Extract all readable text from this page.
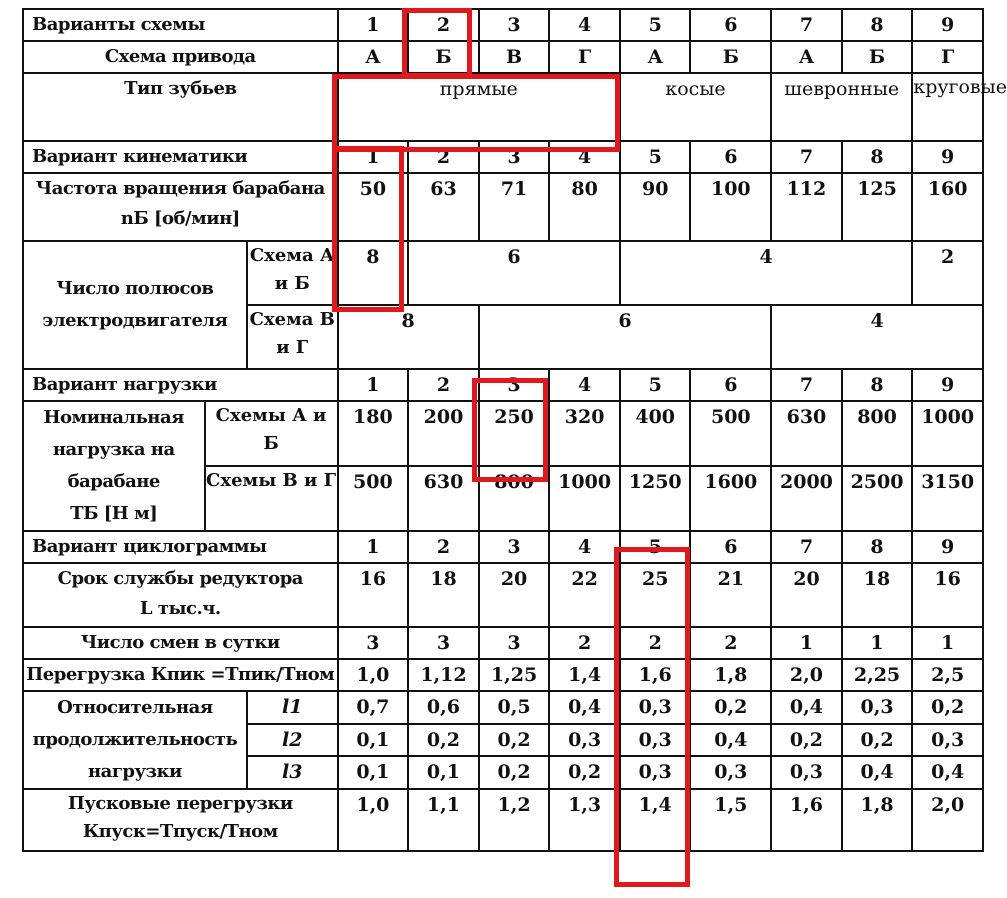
Варианты схемы			1	2	3	4	5	6	7	8	9
Схема привода			А	Б	В	Г	А	Б	А	Б	Г
Тип зубьев			прямые				косые		шевронные		круговые
Вариант кинематики			1	2	3	4	5	6	7	8	9

Частота вращения барабана
nБ [об/мин]			50	63	71	80	90	100	112	125	160
Число полюсов электродвигателя		Схема А и Б	8	6			4				2
		Схема В и Г	8		6				4		
Вариант нагрузки			1	2	3	4	5	6	7	8	9

Номинальная нагрузка на барабане
TБ [Н м]	Схемы А и Б		180	200	250	320	400	500	630	800	1000
	Схемы В и Г		500	630	800	1000	1250	1600	2000	2500	3150
Вариант циклограммы			1	2	3	4	5	6	7	8	9

Срок службы редуктора
L тыс.ч.			16	18	20	22	25	21	20	18	16
Число смен в сутки			3	3	3	2	2	2	1	1	1
Перегрузка Кпик =Тпик/Тном			1,0	1,12	1,25	1,4	1,6	1,8	2,0	2,25	2,5
Относительная продолжительность нагрузки		l1	0,7	0,6	0,5	0,4	0,3	0,2	0,4	0,3	0,2
		l2	0,1	0,2	0,2	0,3	0,3	0,4	0,2	0,2	0,3
		l3	0,1	0,1	0,2	0,2	0,3	0,3	0,3	0,4	0,4

Пусковые перегрузки
Кпуск=Тпуск/Тном			1,0	1,1	1,2	1,3	1,4	1,5	1,6	1,8	2,0
